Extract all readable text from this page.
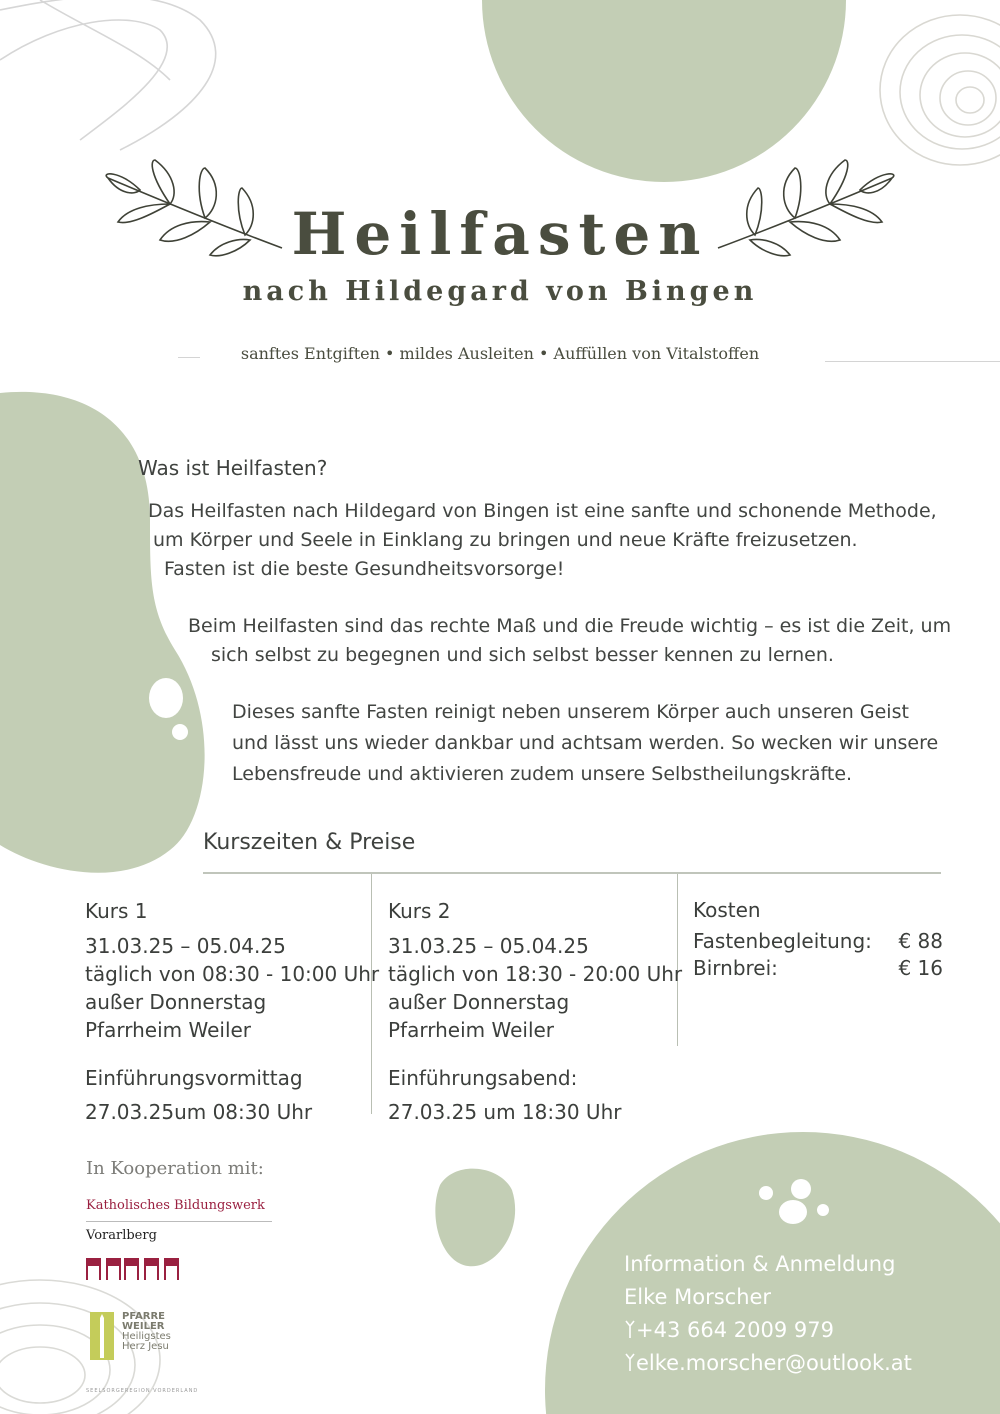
Heilfasten
nach Hildegard von Bingen
sanftes Entgiften • mildes Ausleiten • Auffüllen von Vitalstoffen
Was ist Heilfasten?
Das Heilfasten nach Hildegard von Bingen ist eine sanfte und schonende Methode,
um Körper und Seele in Einklang zu bringen und neue Kräfte freizusetzen.
Fasten ist die beste Gesundheitsvorsorge!
Beim Heilfasten sind das rechte Maß und die Freude wichtig – es ist die Zeit, um
sich selbst zu begegnen und sich selbst besser kennen zu lernen.
Dieses sanfte Fasten reinigt neben unserem Körper auch unseren Geist
und lässt uns wieder dankbar und achtsam werden. So wecken wir unsere
Lebensfreude und aktivieren zudem unsere Selbstheilungskräfte.
Kurszeiten & Preise
Kurs 1
31.03.25 – 05.04.25
täglich von 08:30 - 10:00 Uhr
außer Donnerstag
Pfarrheim Weiler
Einführungsvormittag
27.03.25um 08:30 Uhr
Kurs 2
31.03.25 – 05.04.25
täglich von 18:30 - 20:00 Uhr
außer Donnerstag
Pfarrheim Weiler
Einführungsabend:
27.03.25 um 18:30 Uhr
Kosten
Fastenbegleitung: € 88
Birnbrei:	€ 16
In Kooperation mit:
Katholisches Bildungswerk
Vorarlberg
PFARRE
WEILER
Heiligstes
Herz Jesu
SEELSORGEREGION VORDERLAND
Information & Anmeldung
Elke Morscher
+43 664 2009 979
elke.morscher@outlook.at
